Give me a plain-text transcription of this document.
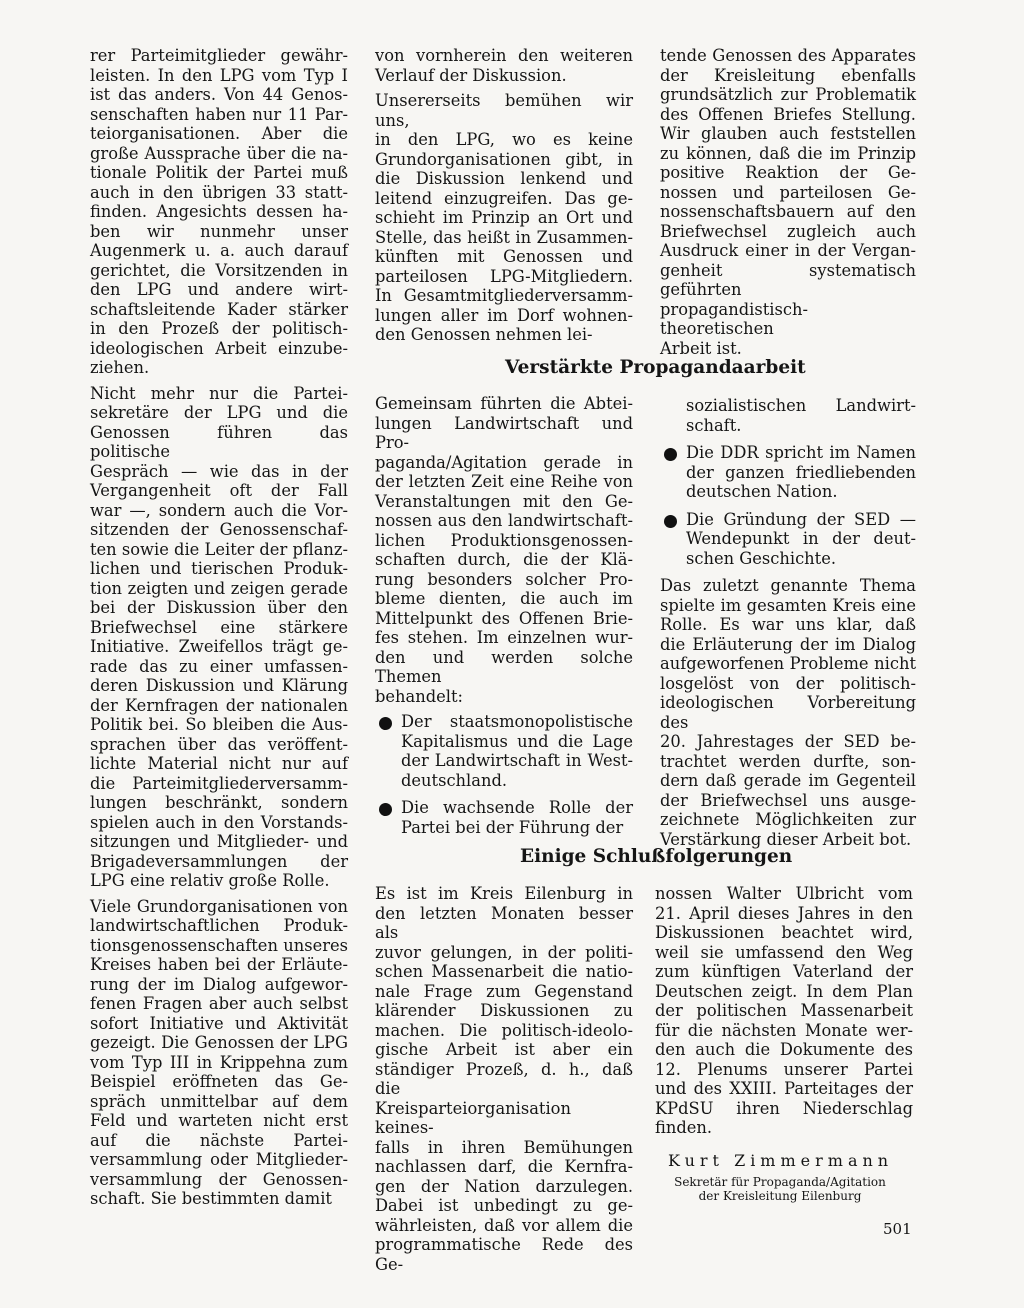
rer Parteimitglieder gewähr-
leisten. In den LPG vom Typ I
ist das anders. Von 44 Genos-
senschaften haben nur 11 Par-
teiorganisationen. Aber die
große Aussprache über die na-
tionale Politik der Partei muß
auch in den übrigen 33 statt-
finden. Angesichts dessen ha-
ben wir nunmehr unser
Augenmerk u. a. auch darauf
gerichtet, die Vorsitzenden in
den LPG und andere wirt-
schaftsleitende Kader stärker
in den Prozeß der politisch-
ideologischen Arbeit einzube-
ziehen.

Nicht mehr nur die Partei-
sekretäre der LPG und die
Genossen führen das politische
Gespräch — wie das in der
Vergangenheit oft der Fall
war —, sondern auch die Vor-
sitzenden der Genossenschaf-
ten sowie die Leiter der pflanz-
lichen und tierischen Produk-
tion zeigten und zeigen gerade
bei der Diskussion über den
Briefwechsel eine stärkere
Initiative. Zweifellos trägt ge-
rade das zu einer umfassen-
deren Diskussion und Klärung
der Kernfragen der nationalen
Politik bei. So bleiben die Aus-
sprachen über das veröffent-
lichte Material nicht nur auf
die Parteimitgliederversamm-
lungen beschränkt, sondern
spielen auch in den Vorstands-
sitzungen und Mitglieder- und
Brigadeversammlungen der
LPG eine relativ große Rolle.

Viele Grundorganisationen von
landwirtschaftlichen Produk-
tionsgenossenschaften unseres
Kreises haben bei der Erläute-
rung der im Dialog aufgewor-
fenen Fragen aber auch selbst
sofort Initiative und Aktivität
gezeigt. Die Genossen der LPG
vom Typ III in Krippehna zum
Beispiel eröffneten das Ge-
spräch unmittelbar auf dem
Feld und warteten nicht erst
auf die nächste Partei-
versammlung oder Mitglieder-
versammlung der Genossen-
schaft. Sie bestimmten damit

von vornherein den weiteren
Verlauf der Diskussion.

Unsererseits bemühen wir uns,
in den LPG, wo es keine
Grundorganisationen gibt, in
die Diskussion lenkend und
leitend einzugreifen. Das ge-
schieht im Prinzip an Ort und
Stelle, das heißt in Zusammen-
künften mit Genossen und
parteilosen LPG-Mitgliedern.
In Gesamtmitgliederversamm-
lungen aller im Dorf wohnen-
den Genossen nehmen lei-

tende Genossen des Apparates
der Kreisleitung ebenfalls
grundsätzlich zur Problematik
des Offenen Briefes Stellung.
Wir glauben auch feststellen
zu können, daß die im Prinzip
positive Reaktion der Ge-
nossen und parteilosen Ge-
nossenschaftsbauern auf den
Briefwechsel zugleich auch
Ausdruck einer in der Vergan-
genheit systematisch geführten
propagandistisch-theoretischen
Arbeit ist.

Verstärkte Propagandaarbeit

Gemeinsam führten die Abtei-
lungen Landwirtschaft und Pro-
paganda/Agitation gerade in
der letzten Zeit eine Reihe von
Veranstaltungen mit den Ge-
nossen aus den landwirtschaft-
lichen Produktionsgenossen-
schaften durch, die der Klä-
rung besonders solcher Pro-
bleme dienten, die auch im
Mittelpunkt des Offenen Brie-
fes stehen. Im einzelnen wur-
den und werden solche Themen
behandelt:

Der staatsmonopolistische
Kapitalismus und die Lage
der Landwirtschaft in West-
deutschland.
Die wachsende Rolle der
Partei bei der Führung der
sozialistischen Landwirt-
schaft.
Die DDR spricht im Namen
der ganzen friedliebenden
deutschen Nation.
Die Gründung der SED —
Wendepunkt in der deut-
schen Geschichte.

Das zuletzt genannte Thema
spielte im gesamten Kreis eine
Rolle. Es war uns klar, daß
die Erläuterung der im Dialog
aufgeworfenen Probleme nicht
losgelöst von der politisch-
ideologischen Vorbereitung des
20. Jahrestages der SED be-
trachtet werden durfte, son-
dern daß gerade im Gegenteil
der Briefwechsel uns ausge-
zeichnete Möglichkeiten zur
Verstärkung dieser Arbeit bot.

Einige Schlußfolgerungen

Es ist im Kreis Eilenburg in
den letzten Monaten besser als
zuvor gelungen, in der politi-
schen Massenarbeit die natio-
nale Frage zum Gegenstand
klärender Diskussionen zu
machen. Die politisch-ideolo-
gische Arbeit ist aber ein
ständiger Prozeß, d. h., daß die
Kreisparteiorganisation keines-
falls in ihren Bemühungen
nachlassen darf, die Kernfra-
gen der Nation darzulegen.
Dabei ist unbedingt zu ge-
währleisten, daß vor allem die
programmatische Rede des Ge-

nossen Walter Ulbricht vom
21. April dieses Jahres in den
Diskussionen beachtet wird,
weil sie umfassend den Weg
zum künftigen Vaterland der
Deutschen zeigt. In dem Plan
der politischen Massenarbeit
für die nächsten Monate wer-
den auch die Dokumente des
12. Plenums unserer Partei
und des XXIII. Parteitages der
KPdSU ihren Niederschlag
finden.

Kurt Zimmermann
Sekretär für Propaganda/Agitation
der Kreisleitung Eilenburg
501
